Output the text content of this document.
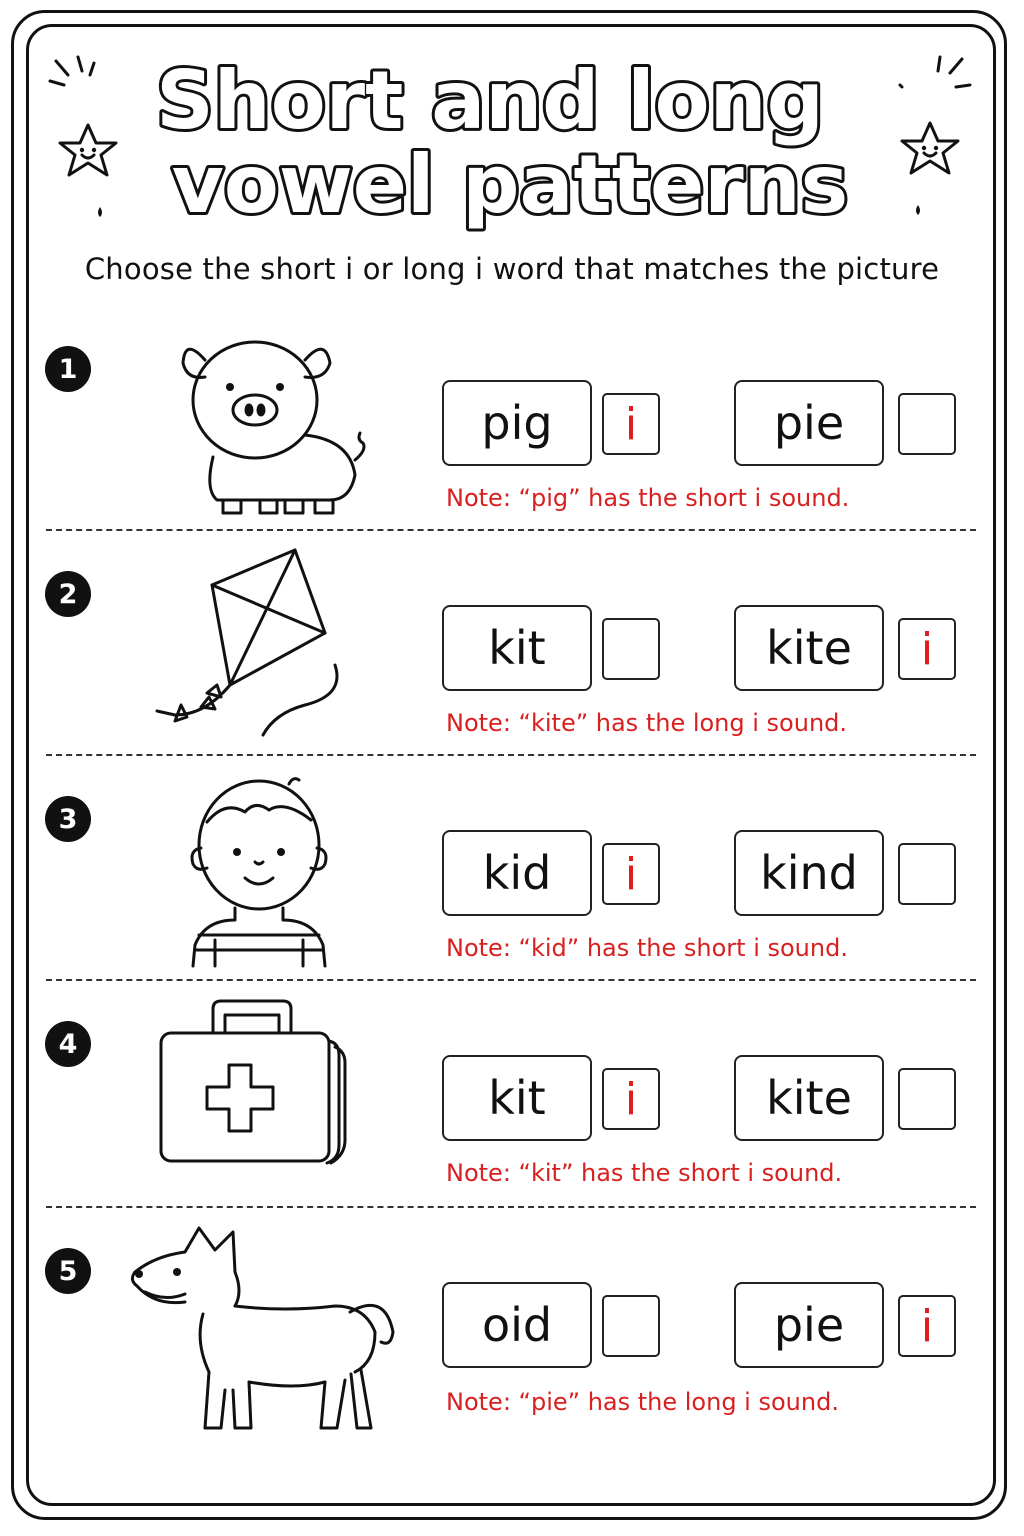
Short and long
vowel patterns
Choose the short i or long i word that matches the picture
1
pig	i	pie
Note: “pig” has the short i sound.
2
kit	kite	i
Note: “kite” has the long i sound.
3
kid	i	kind
Note: “kid” has the short i sound.
4
kit	i	kite
Note: “kit” has the short i sound.
5
oid	pie	i
Note: “pie” has the long i sound.
